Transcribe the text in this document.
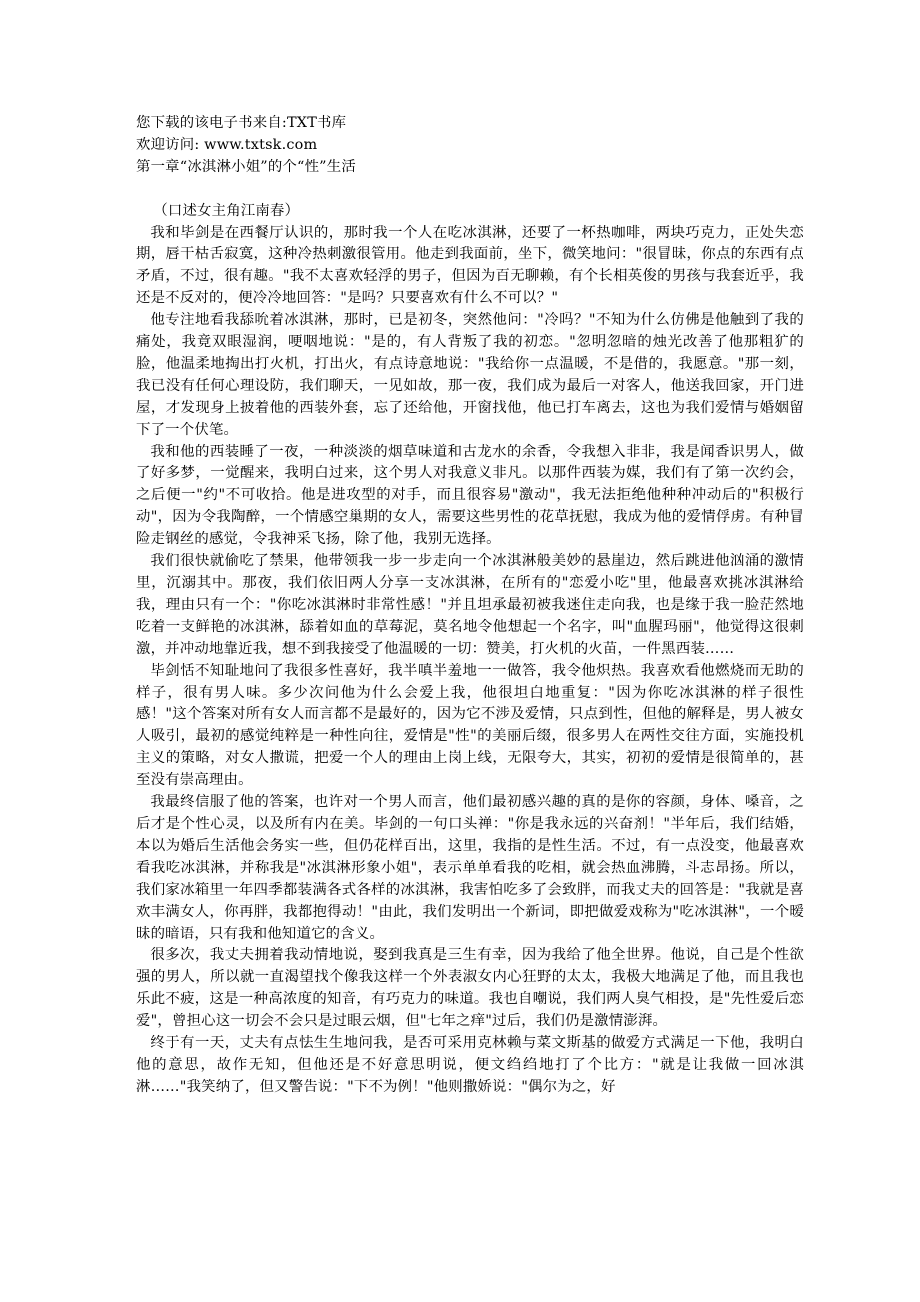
您下载的该电子书来自:TXT书库

欢迎访问: www.txtsk.com

第一章“冰淇淋小姐”的个“性”生活

（口述女主角江南春）

我和毕剑是在西餐厅认识的，那时我一个人在吃冰淇淋，还要了一杯热咖啡，两块巧克力，正处失恋期，唇干枯舌寂寞，这种冷热刺激很管用。他走到我面前，坐下，微笑地问："很冒昧，你点的东西有点矛盾，不过，很有趣。"我不太喜欢轻浮的男子，但因为百无聊赖，有个长相英俊的男孩与我套近乎，我还是不反对的，便冷冷地回答："是吗？只要喜欢有什么不可以？"

他专注地看我舔吮着冰淇淋，那时，已是初冬，突然他问："冷吗？"不知为什么仿佛是他触到了我的痛处，我竟双眼湿润，哽咽地说："是的，有人背叛了我的初恋。"忽明忽暗的烛光改善了他那粗犷的脸，他温柔地掏出打火机，打出火，有点诗意地说："我给你一点温暖，不是借的，我愿意。"那一刻，我已没有任何心理设防，我们聊天，一见如故，那一夜，我们成为最后一对客人，他送我回家，开门进屋，才发现身上披着他的西装外套，忘了还给他，开窗找他，他已打车离去，这也为我们爱情与婚姻留下了一个伏笔。

我和他的西装睡了一夜，一种淡淡的烟草味道和古龙水的余香，令我想入非非，我是闻香识男人，做了好多梦，一觉醒来，我明白过来，这个男人对我意义非凡。以那件西装为媒，我们有了第一次约会，之后便一"约"不可收拾。他是进攻型的对手，而且很容易"激动"，我无法拒绝他种种冲动后的"积极行动"，因为令我陶醉，一个情感空巢期的女人，需要这些男性的花草抚慰，我成为他的爱情俘虏。有种冒险走钢丝的感觉，令我神采飞扬，除了他，我别无选择。

我们很快就偷吃了禁果，他带领我一步一步走向一个冰淇淋般美妙的悬崖边，然后跳进他汹涌的激情里，沉溺其中。那夜，我们依旧两人分享一支冰淇淋，在所有的"恋爱小吃"里，他最喜欢挑冰淇淋给我，理由只有一个："你吃冰淇淋时非常性感！"并且坦承最初被我迷住走向我，也是缘于我一脸茫然地吃着一支鲜艳的冰淇淋，舔着如血的草莓泥，莫名地令他想起一个名字，叫"血腥玛丽"，他觉得这很刺激，并冲动地靠近我，想不到我接受了他温暖的一切：赞美，打火机的火苗，一件黑西装……

毕剑恬不知耻地问了我很多性喜好，我半嗔半羞地一一做答，我令他炽热。我喜欢看他燃烧而无助的样子，很有男人味。多少次问他为什么会爱上我，他很坦白地重复："因为你吃冰淇淋的样子很性感！"这个答案对所有女人而言都不是最好的，因为它不涉及爱情，只点到性，但他的解释是，男人被女人吸引，最初的感觉纯粹是一种性向往，爱情是"性"的美丽后缀，很多男人在两性交往方面，实施投机主义的策略，对女人撒谎，把爱一个人的理由上岗上线，无限夸大，其实，初初的爱情是很简单的，甚至没有崇高理由。

我最终信服了他的答案，也许对一个男人而言，他们最初感兴趣的真的是你的容颜，身体、嗓音，之后才是个性心灵，以及所有内在美。毕剑的一句口头禅："你是我永远的兴奋剂！"半年后，我们结婚，本以为婚后生活他会务实一些，但仍花样百出，这里，我指的是性生活。不过，有一点没变，他最喜欢看我吃冰淇淋，并称我是"冰淇淋形象小姐"，表示单单看我的吃相，就会热血沸腾，斗志昂扬。所以，我们家冰箱里一年四季都装满各式各样的冰淇淋，我害怕吃多了会致胖，而我丈夫的回答是："我就是喜欢丰满女人，你再胖，我都抱得动！"由此，我们发明出一个新词，即把做爱戏称为"吃冰淇淋"，一个暧昧的暗语，只有我和他知道它的含义。

很多次，我丈夫拥着我动情地说，娶到我真是三生有幸，因为我给了他全世界。他说，自己是个性欲强的男人，所以就一直渴望找个像我这样一个外表淑女内心狂野的太太，我极大地满足了他，而且我也乐此不疲，这是一种高浓度的知音，有巧克力的味道。我也自嘲说，我们两人臭气相投，是"先性爱后恋爱"，曾担心这一切会不会只是过眼云烟，但"七年之痒"过后，我们仍是激情澎湃。

终于有一天，丈夫有点怯生生地问我，是否可采用克林赖与菜文斯基的做爱方式满足一下他，我明白他的意思，故作无知，但他还是不好意思明说，便文绉绉地打了个比方："就是让我做一回冰淇淋……"我笑纳了，但又警告说："下不为例！"他则撒娇说："偶尔为之，好
